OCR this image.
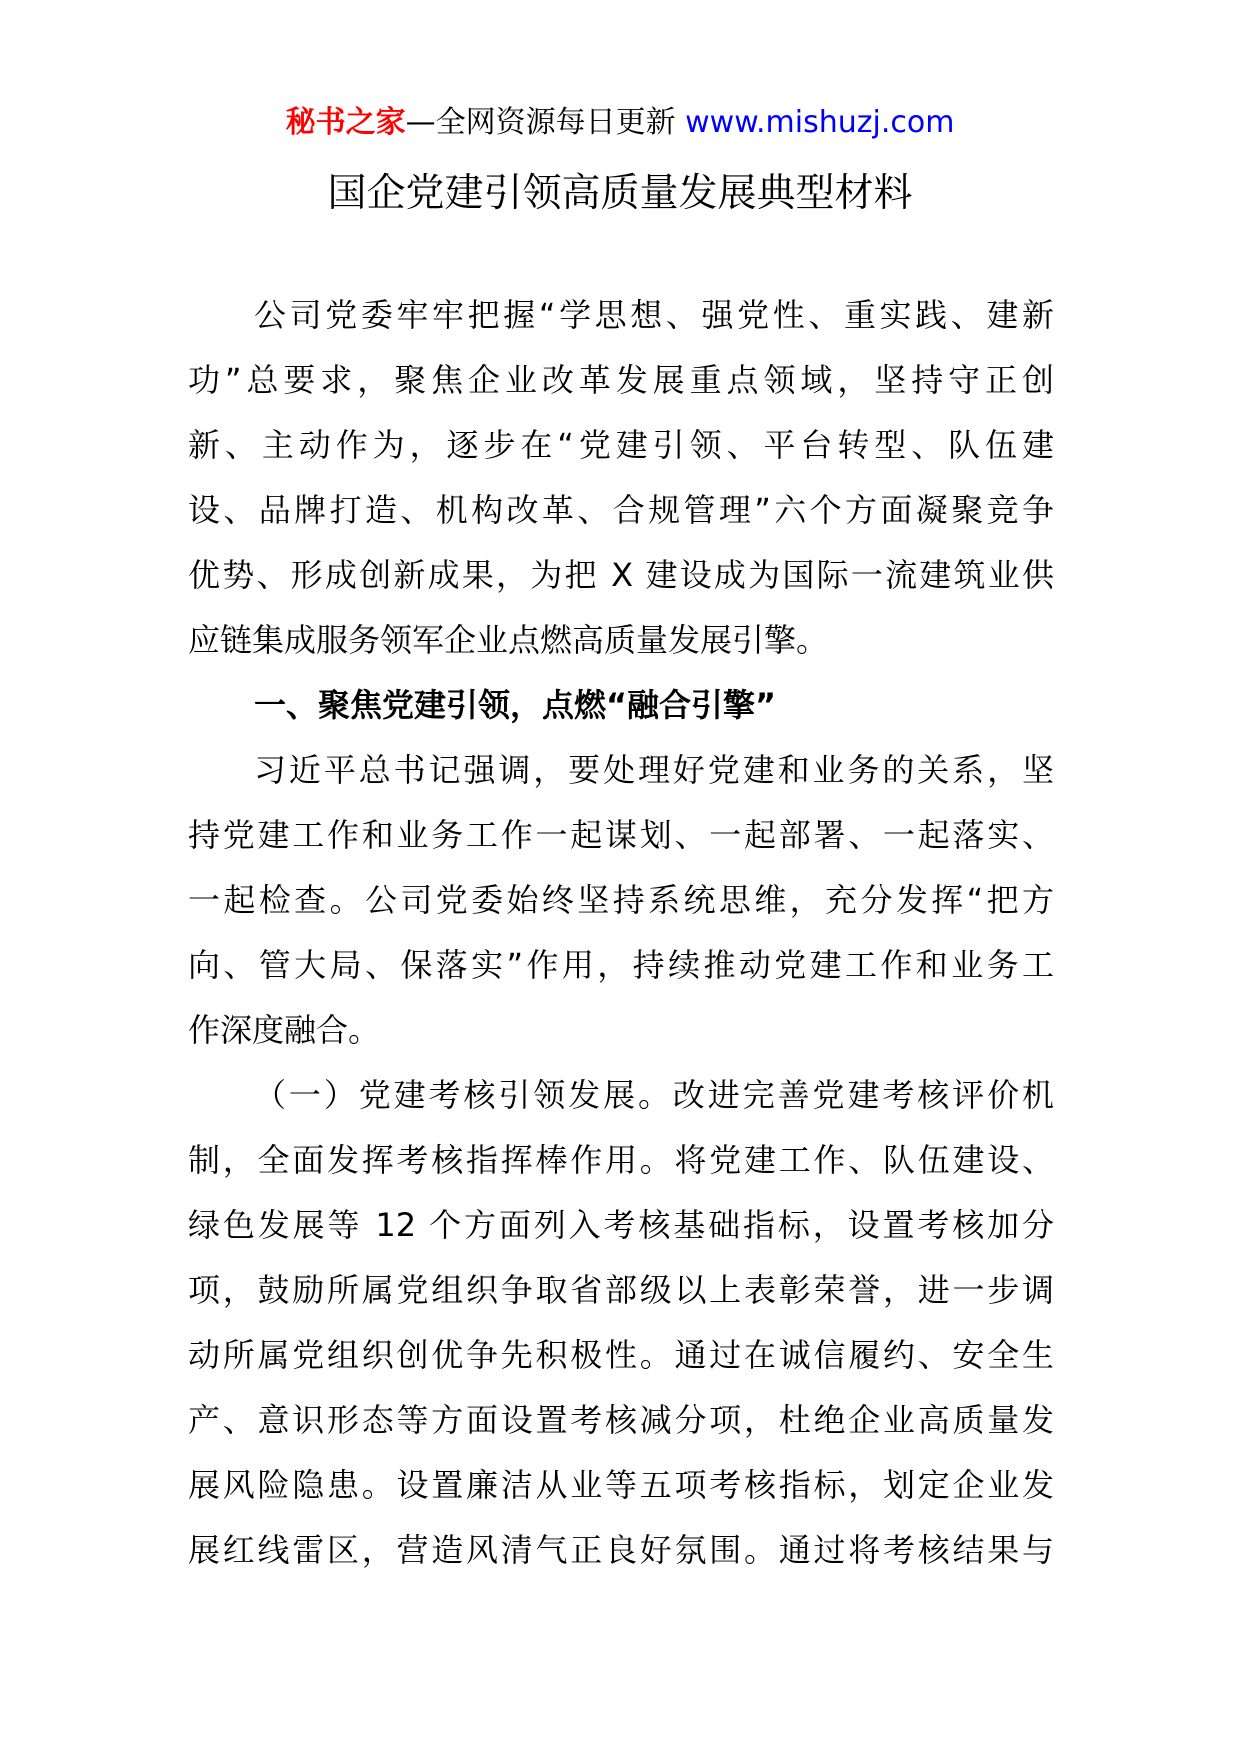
秘书之家—全网资源每日更新 www.mishuzj.com
国企党建引领高质量发展典型材料
公司党委牢牢把握“学思想、强党性、重实践、建新
功”总要求，聚焦企业改革发展重点领域，坚持守正创
新、主动作为，逐步在“党建引领、平台转型、队伍建
设、品牌打造、机构改革、合规管理”六个方面凝聚竞争
优势、形成创新成果，为把 X 建设成为国际一流建筑业供
应链集成服务领军企业点燃高质量发展引擎。
一、聚焦党建引领，点燃“融合引擎”
习近平总书记强调，要处理好党建和业务的关系，坚
持党建工作和业务工作一起谋划、一起部署、一起落实、
一起检查。公司党委始终坚持系统思维，充分发挥“把方
向、管大局、保落实”作用，持续推动党建工作和业务工
作深度融合。
（一）党建考核引领发展。改进完善党建考核评价机
制，全面发挥考核指挥棒作用。将党建工作、队伍建设、
绿色发展等 12 个方面列入考核基础指标，设置考核加分
项，鼓励所属党组织争取省部级以上表彰荣誉，进一步调
动所属党组织创优争先积极性。通过在诚信履约、安全生
产、意识形态等方面设置考核减分项，杜绝企业高质量发
展风险隐患。设置廉洁从业等五项考核指标，划定企业发
展红线雷区，营造风清气正良好氛围。通过将考核结果与
